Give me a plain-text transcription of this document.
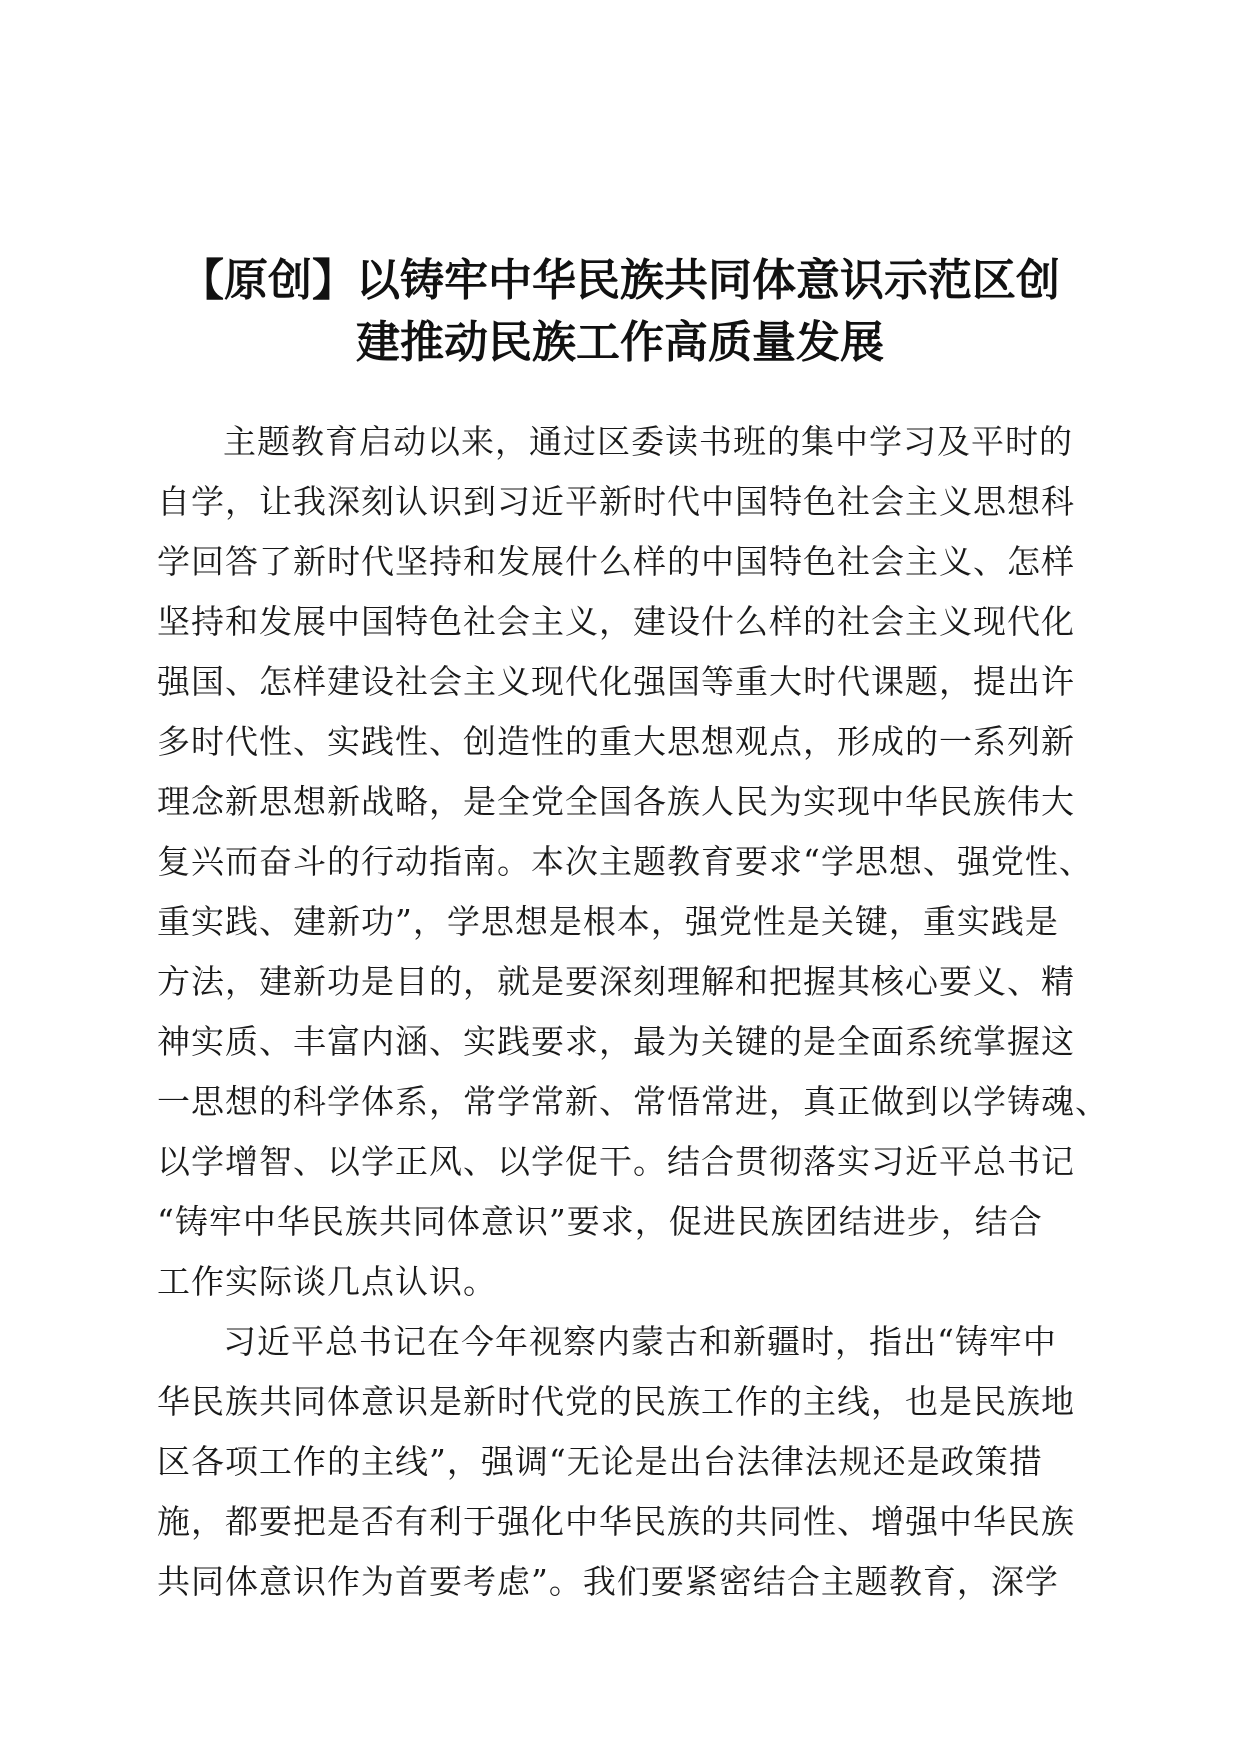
【原创】以铸牢中华民族共同体意识示范区创
建推动民族工作高质量发展
主题教育启动以来，通过区委读书班的集中学习及平时的
自学，让我深刻认识到习近平新时代中国特色社会主义思想科
学回答了新时代坚持和发展什么样的中国特色社会主义、怎样
坚持和发展中国特色社会主义，建设什么样的社会主义现代化
强国、怎样建设社会主义现代化强国等重大时代课题，提出许
多时代性、实践性、创造性的重大思想观点，形成的一系列新
理念新思想新战略，是全党全国各族人民为实现中华民族伟大
复兴而奋斗的行动指南。本次主题教育要求“学思想、强党性、
重实践、建新功”，学思想是根本，强党性是关键，重实践是
方法，建新功是目的，就是要深刻理解和把握其核心要义、精
神实质、丰富内涵、实践要求，最为关键的是全面系统掌握这
一思想的科学体系，常学常新、常悟常进，真正做到以学铸魂、
以学增智、以学正风、以学促干。结合贯彻落实习近平总书记
“铸牢中华民族共同体意识”要求，促进民族团结进步，结合
工作实际谈几点认识。
习近平总书记在今年视察内蒙古和新疆时，指出“铸牢中
华民族共同体意识是新时代党的民族工作的主线，也是民族地
区各项工作的主线”，强调“无论是出台法律法规还是政策措
施，都要把是否有利于强化中华民族的共同性、增强中华民族
共同体意识作为首要考虑”。我们要紧密结合主题教育，深学
